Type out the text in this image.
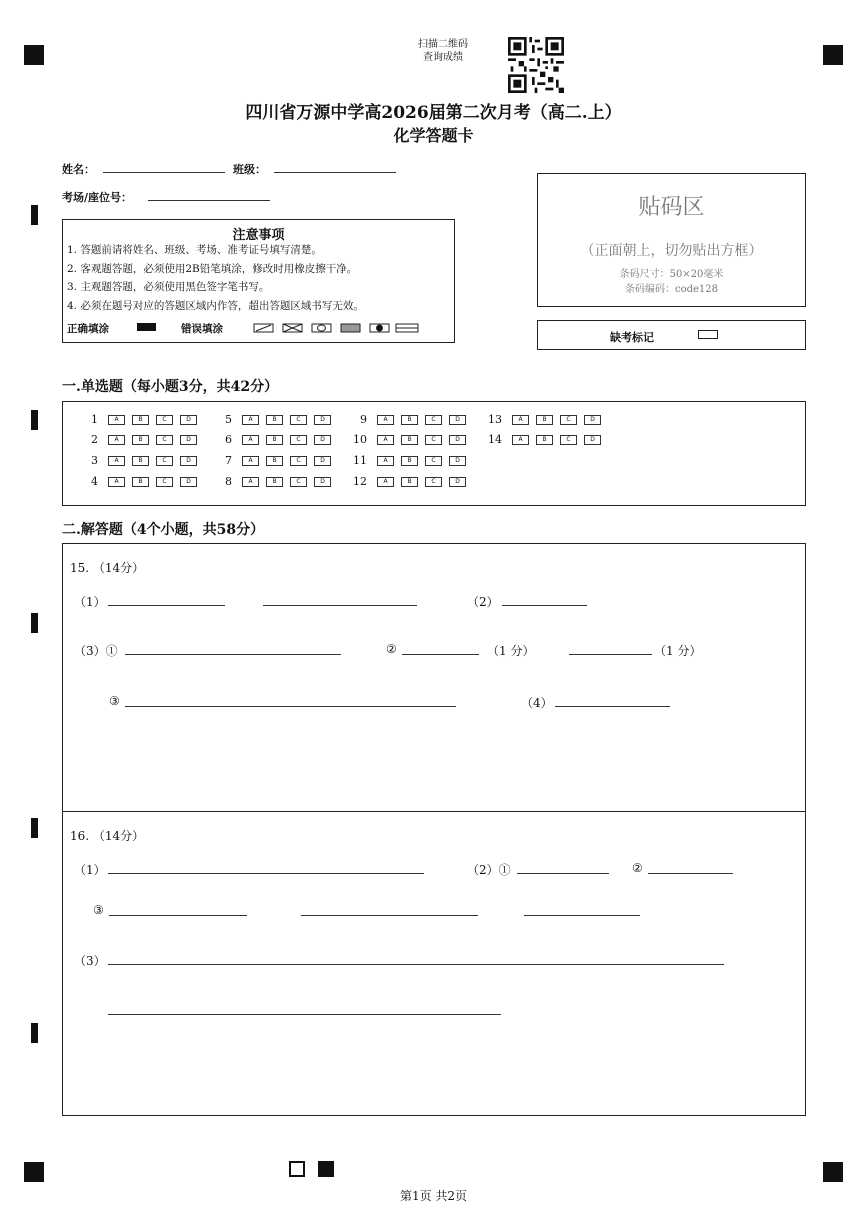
扫描二维码
查询成绩
四川省万源中学高2026届第二次月考（高二.上）
化学答题卡
姓名：	班级：
考场/座位号：
注意事项
1. 答题前请将姓名、班级、考场、准考证号填写清楚。
2. 客观题答题，必须使用2B铅笔填涂，修改时用橡皮擦干净。
3. 主观题答题，必须使用黑色签字笔书写。
4. 必须在题号对应的答题区域内作答，超出答题区域书写无效。
正确填涂	错误填涂
贴码区
（正面朝上，切勿贴出方框）
条码尺寸：50×20毫米
条码编码：code128
缺考标记
一.单选题（每小题3分，共42分）
1	A	B	C	D
2	A	B	C	D
3	A	B	C	D
4	A	B	C	D
5	A	B	C	D
6	A	B	C	D
7	A	B	C	D
8	A	B	C	D
9	A	B	C	D
10	A	B	C	D
11	A	B	C	D
12	A	B	C	D
13	A	B	C	D
14	A	B	C	D
二.解答题（4个小题，共58分）
15. （14分）
（1）	（2）
（3）①	②	（1 分）	（1 分）
③	（4）
16. （14分）
（1）	（2）①	②
③
（3）
第1页 共2页
